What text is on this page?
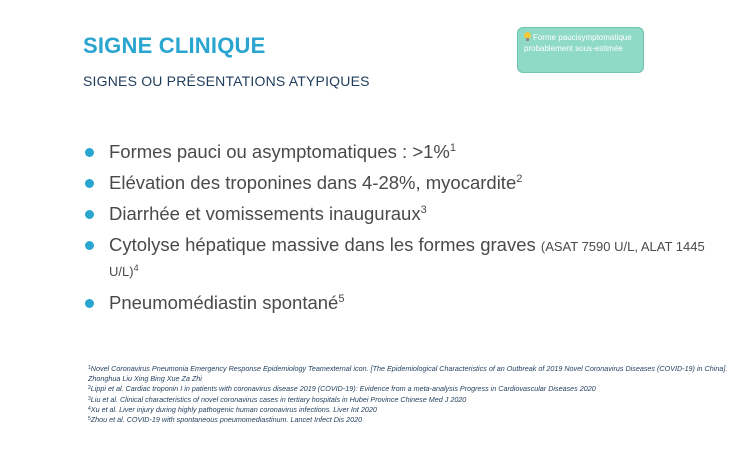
SIGNE CLINIQUE
SIGNES OU PRÉSENTATIONS ATYPIQUES
Forme paucisymptomatique probablement sous-estimée
Formes pauci ou asymptomatiques : >1%$^1$
Elévation des troponines dans 4-28%, myocardite$^2$
Diarrhée et vomissements inauguraux$^3$
Cytolyse hépatique massive dans les formes graves (ASAT 7590 U/L, ALAT 1445 U/L)$^4$
Pneumomédiastin spontané$^5$
$^1$Novel Coronavirus Pneumonia Emergency Response Epidemiology Teamexternal icon. [The Epidemiological Characteristics of an Outbreak of 2019 Novel Coronavirus Diseases (COVID-19) in China]. Zhonghua Liu Xing Bing Xue Za Zhi
$^2$Lippi et al. Cardiac troponin I in patients with coronavirus disease 2019 (COVID-19): Evidence from a meta-analysis Progress in Cardiovascular Diseases 2020
$^3$Liu et al. Clinical characteristics of novel coronavirus cases in tertiary hospitals in Hubei Province Chinese Med J 2020
$^4$Xu et al. Liver injury during highly pathogenic human coronavirus infections. Liver Int 2020
$^5$Zhou et al. COVID-19 with spontaneous pneumomediastinum. Lancet Infect Dis 2020
